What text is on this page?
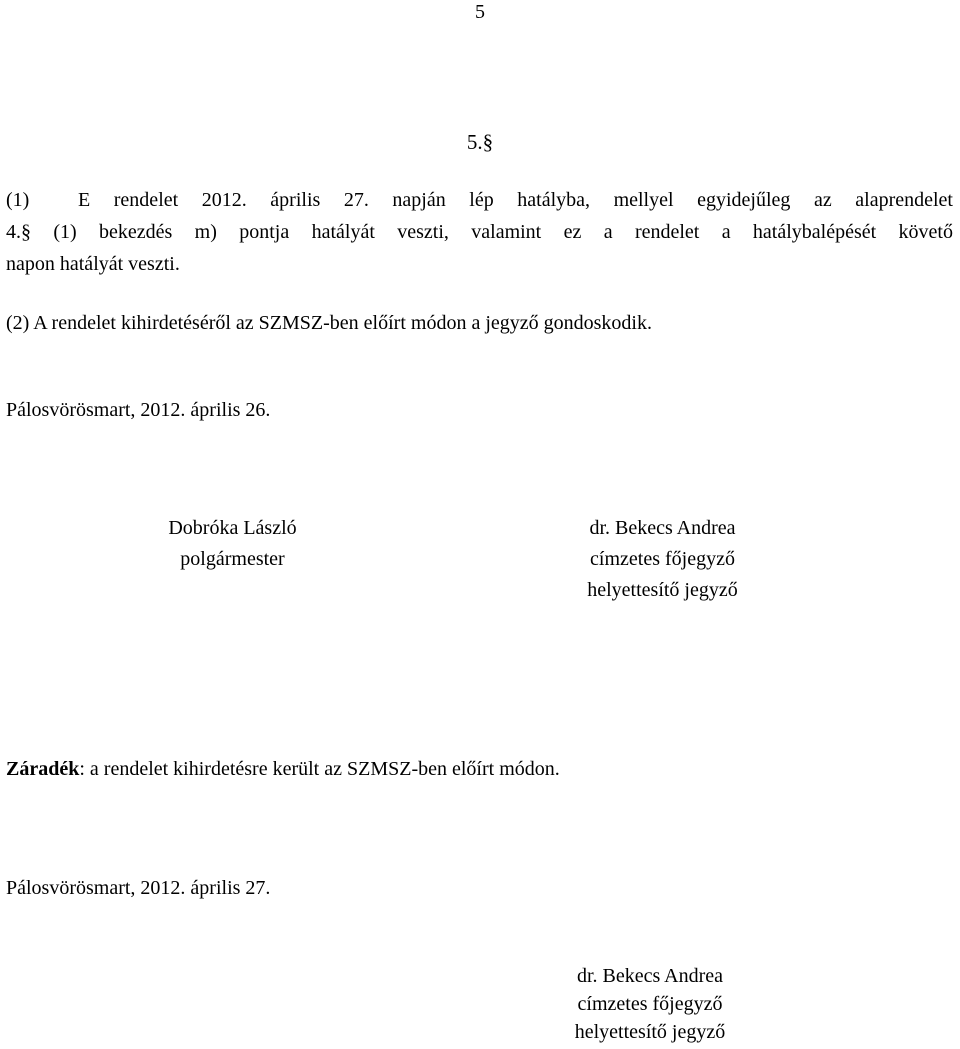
5
5.§
(1) E rendelet 2012. április 27. napján lép hatályba, mellyel egyidejűleg az alaprendelet
4.§ (1) bekezdés m) pontja hatályát veszti, valamint ez a rendelet a hatálybalépését követő
napon hatályát veszti.
(2) A rendelet kihirdetéséről az SZMSZ-ben előírt módon a jegyző gondoskodik.
Pálosvörösmart, 2012. április 26.
Dobróka László
polgármester
dr. Bekecs Andrea
címzetes főjegyző
helyettesítő jegyző
Záradék: a rendelet kihirdetésre került az SZMSZ-ben előírt módon.
Pálosvörösmart, 2012. április 27.
dr. Bekecs Andrea
címzetes főjegyző
helyettesítő jegyző
